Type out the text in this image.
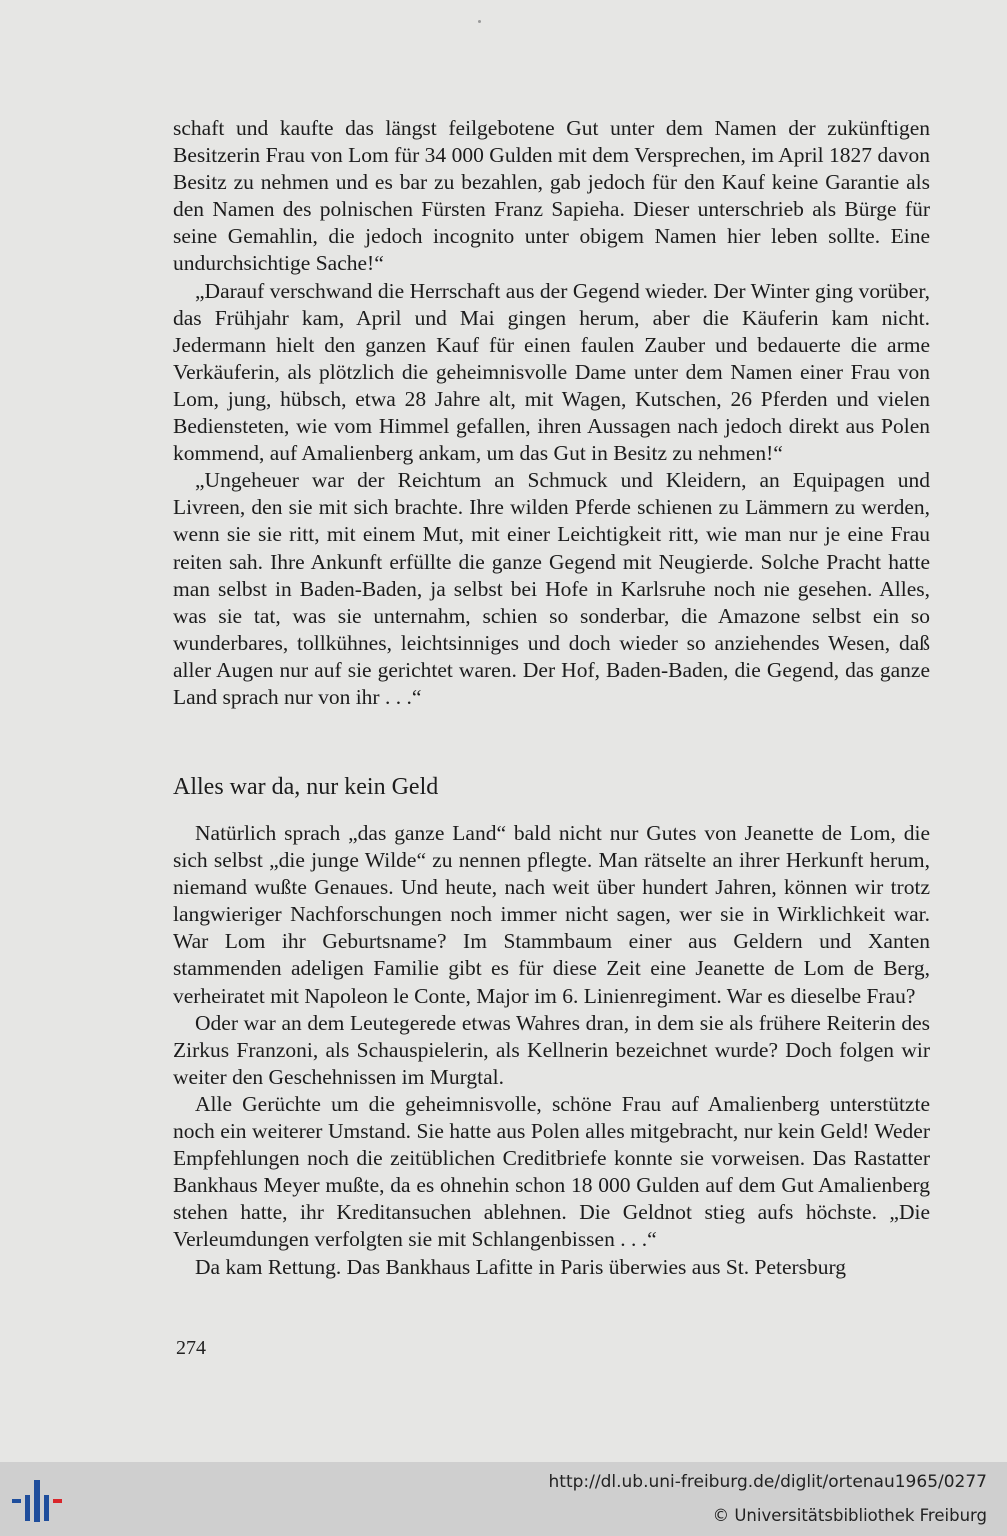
schaft und kaufte das längst feilgebotene Gut unter dem Namen der zukünftigen Besitzerin Frau von Lom für 34 000 Gulden mit dem Versprechen, im April 1827 davon Besitz zu nehmen und es bar zu bezahlen, gab jedoch für den Kauf keine Garantie als den Namen des polnischen Fürsten Franz Sapieha. Dieser unterschrieb als Bürge für seine Gemahlin, die jedoch incognito unter obigem Namen hier leben sollte. Eine undurchsichtige Sache!“

„Darauf verschwand die Herrschaft aus der Gegend wieder. Der Winter ging vorüber, das Frühjahr kam, April und Mai gingen herum, aber die Käuferin kam nicht. Jedermann hielt den ganzen Kauf für einen faulen Zauber und bedauerte die arme Verkäuferin, als plötzlich die geheimnisvolle Dame unter dem Namen einer Frau von Lom, jung, hübsch, etwa 28 Jahre alt, mit Wagen, Kutschen, 26 Pferden und vielen Bediensteten, wie vom Himmel gefallen, ihren Aussagen nach jedoch direkt aus Polen kommend, auf Amalienberg ankam, um das Gut in Besitz zu nehmen!“

„Ungeheuer war der Reichtum an Schmuck und Kleidern, an Equipagen und Livreen, den sie mit sich brachte. Ihre wilden Pferde schienen zu Lämmern zu werden, wenn sie sie ritt, mit einem Mut, mit einer Leichtigkeit ritt, wie man nur je eine Frau reiten sah. Ihre Ankunft erfüllte die ganze Gegend mit Neugierde. Solche Pracht hatte man selbst in Baden-Baden, ja selbst bei Hofe in Karlsruhe noch nie gesehen. Alles, was sie tat, was sie unternahm, schien so sonderbar, die Amazone selbst ein so wunderbares, tollkühnes, leichtsinniges und doch wieder so anziehendes Wesen, daß aller Augen nur auf sie gerichtet waren. Der Hof, Baden-Baden, die Gegend, das ganze Land sprach nur von ihr . . .“

Alles war da, nur kein Geld

Natürlich sprach „das ganze Land“ bald nicht nur Gutes von Jeanette de Lom, die sich selbst „die junge Wilde“ zu nennen pflegte. Man rätselte an ihrer Herkunft herum, niemand wußte Genaues. Und heute, nach weit über hundert Jahren, können wir trotz langwieriger Nachforschungen noch immer nicht sagen, wer sie in Wirklichkeit war. War Lom ihr Geburtsname? Im Stammbaum einer aus Geldern und Xanten stammenden adeligen Familie gibt es für diese Zeit eine Jeanette de Lom de Berg, verheiratet mit Napoleon le Conte, Major im 6. Linienregiment. War es dieselbe Frau?

Oder war an dem Leutegerede etwas Wahres dran, in dem sie als frühere Reiterin des Zirkus Franzoni, als Schauspielerin, als Kellnerin bezeichnet wurde? Doch folgen wir weiter den Geschehnissen im Murgtal.

Alle Gerüchte um die geheimnisvolle, schöne Frau auf Amalienberg unterstützte noch ein weiterer Umstand. Sie hatte aus Polen alles mitgebracht, nur kein Geld! Weder Empfehlungen noch die zeitüblichen Creditbriefe konnte sie vorweisen. Das Rastatter Bankhaus Meyer mußte, da es ohnehin schon 18 000 Gulden auf dem Gut Amalienberg stehen hatte, ihr Kreditansuchen ablehnen. Die Geldnot stieg aufs höchste. „Die Verleumdungen verfolgten sie mit Schlangenbissen . . .“

Da kam Rettung. Das Bankhaus Lafitte in Paris überwies aus St. Petersburg

274
http://dl.ub.uni-freiburg.de/diglit/ortenau1965/0277
© Universitätsbibliothek Freiburg
